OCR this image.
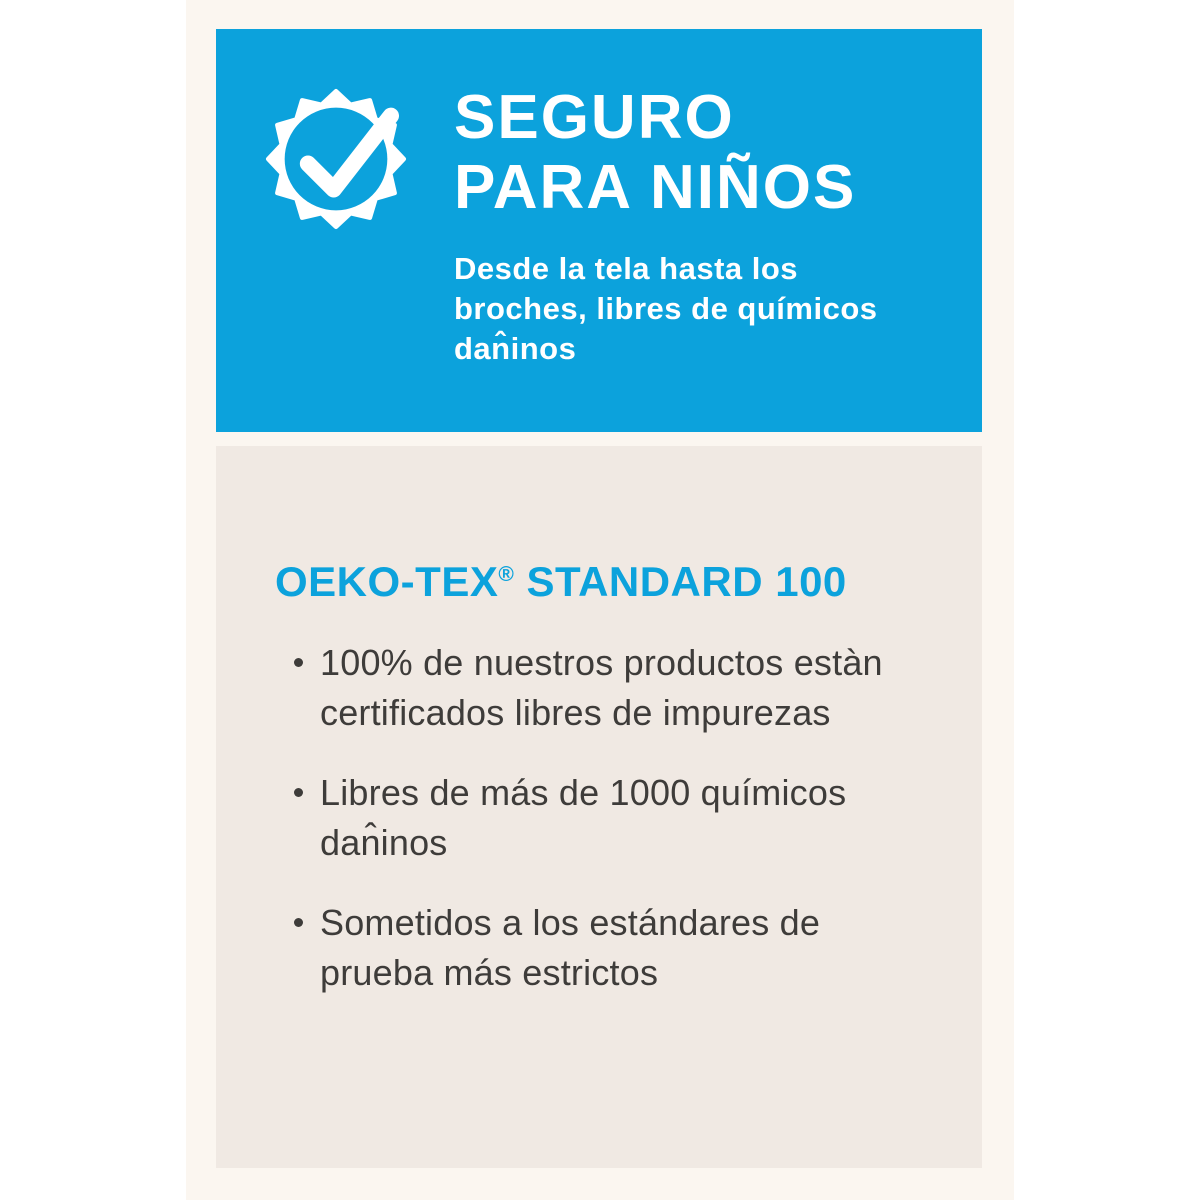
SEGURO
PARA NIÑOS
Desde la tela hasta los
broches, libres de químicos
dan̂inos
OEKO-TEX® STANDARD 100
100% de nuestros productos estàn
certificados libres de impurezas
Libres de más de 1000 químicos
dan̂inos
Sometidos a los estándares de
prueba más estrictos
